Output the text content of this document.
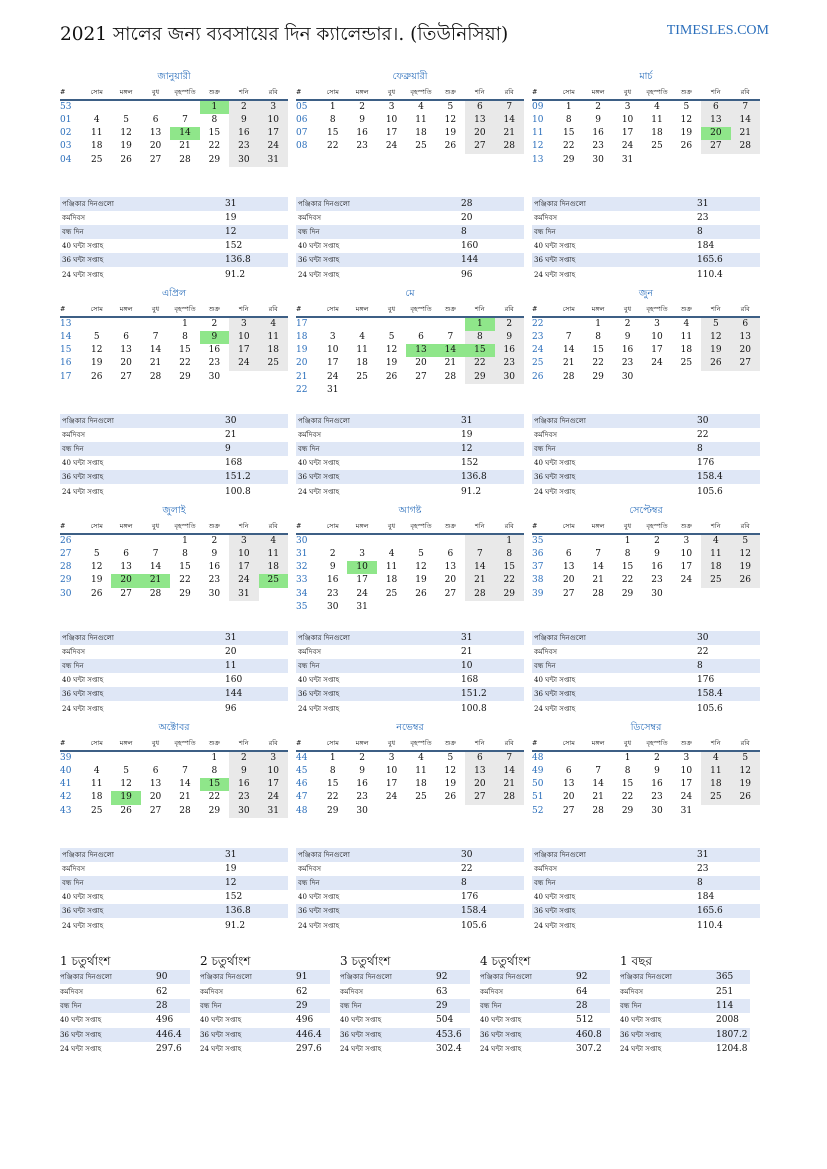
2021 সালের জন্য ব্যবসায়ের দিন ক্যালেন্ডার।. (তিউনিসিয়া)	TIMESLES.COM
জানুয়ারী
#	সোম	মঙ্গল	বুধ	বৃহস্পতি	শুক্র	শনি	রবি
53					1	2	3
01	4	5	6	7	8	9	10
02	11	12	13	14	15	16	17
03	18	19	20	21	22	23	24
04	25	26	27	28	29	30	31
পঞ্জিকার দিনগুলো	31
কর্মদিবস	19
বন্ধ দিন	12
40 ঘন্টা সপ্তাহ	152
36 ঘন্টা সপ্তাহ	136.8
24 ঘন্টা সপ্তাহ	91.2
ফেব্রুয়ারী
#	সোম	মঙ্গল	বুধ	বৃহস্পতি	শুক্র	শনি	রবি
05	1	2	3	4	5	6	7
06	8	9	10	11	12	13	14
07	15	16	17	18	19	20	21
08	22	23	24	25	26	27	28
পঞ্জিকার দিনগুলো	28
কর্মদিবস	20
বন্ধ দিন	8
40 ঘন্টা সপ্তাহ	160
36 ঘন্টা সপ্তাহ	144
24 ঘন্টা সপ্তাহ	96
মার্চ
#	সোম	মঙ্গল	বুধ	বৃহস্পতি	শুক্র	শনি	রবি
09	1	2	3	4	5	6	7
10	8	9	10	11	12	13	14
11	15	16	17	18	19	20	21
12	22	23	24	25	26	27	28
13	29	30	31				
পঞ্জিকার দিনগুলো	31
কর্মদিবস	23
বন্ধ দিন	8
40 ঘন্টা সপ্তাহ	184
36 ঘন্টা সপ্তাহ	165.6
24 ঘন্টা সপ্তাহ	110.4
এপ্রিল
#	সোম	মঙ্গল	বুধ	বৃহস্পতি	শুক্র	শনি	রবি
13				1	2	3	4
14	5	6	7	8	9	10	11
15	12	13	14	15	16	17	18
16	19	20	21	22	23	24	25
17	26	27	28	29	30		
পঞ্জিকার দিনগুলো	30
কর্মদিবস	21
বন্ধ দিন	9
40 ঘন্টা সপ্তাহ	168
36 ঘন্টা সপ্তাহ	151.2
24 ঘন্টা সপ্তাহ	100.8
মে
#	সোম	মঙ্গল	বুধ	বৃহস্পতি	শুক্র	শনি	রবি
17						1	2
18	3	4	5	6	7	8	9
19	10	11	12	13	14	15	16
20	17	18	19	20	21	22	23
21	24	25	26	27	28	29	30
22	31						
পঞ্জিকার দিনগুলো	31
কর্মদিবস	19
বন্ধ দিন	12
40 ঘন্টা সপ্তাহ	152
36 ঘন্টা সপ্তাহ	136.8
24 ঘন্টা সপ্তাহ	91.2
জুন
#	সোম	মঙ্গল	বুধ	বৃহস্পতি	শুক্র	শনি	রবি
22		1	2	3	4	5	6
23	7	8	9	10	11	12	13
24	14	15	16	17	18	19	20
25	21	22	23	24	25	26	27
26	28	29	30				
পঞ্জিকার দিনগুলো	30
কর্মদিবস	22
বন্ধ দিন	8
40 ঘন্টা সপ্তাহ	176
36 ঘন্টা সপ্তাহ	158.4
24 ঘন্টা সপ্তাহ	105.6
জুলাই
#	সোম	মঙ্গল	বুধ	বৃহস্পতি	শুক্র	শনি	রবি
26				1	2	3	4
27	5	6	7	8	9	10	11
28	12	13	14	15	16	17	18
29	19	20	21	22	23	24	25
30	26	27	28	29	30	31	
পঞ্জিকার দিনগুলো	31
কর্মদিবস	20
বন্ধ দিন	11
40 ঘন্টা সপ্তাহ	160
36 ঘন্টা সপ্তাহ	144
24 ঘন্টা সপ্তাহ	96
আগষ্ট
#	সোম	মঙ্গল	বুধ	বৃহস্পতি	শুক্র	শনি	রবি
30							1
31	2	3	4	5	6	7	8
32	9	10	11	12	13	14	15
33	16	17	18	19	20	21	22
34	23	24	25	26	27	28	29
35	30	31					
পঞ্জিকার দিনগুলো	31
কর্মদিবস	21
বন্ধ দিন	10
40 ঘন্টা সপ্তাহ	168
36 ঘন্টা সপ্তাহ	151.2
24 ঘন্টা সপ্তাহ	100.8
সেপ্টেম্বর
#	সোম	মঙ্গল	বুধ	বৃহস্পতি	শুক্র	শনি	রবি
35			1	2	3	4	5
36	6	7	8	9	10	11	12
37	13	14	15	16	17	18	19
38	20	21	22	23	24	25	26
39	27	28	29	30			
পঞ্জিকার দিনগুলো	30
কর্মদিবস	22
বন্ধ দিন	8
40 ঘন্টা সপ্তাহ	176
36 ঘন্টা সপ্তাহ	158.4
24 ঘন্টা সপ্তাহ	105.6
অক্টোবর
#	সোম	মঙ্গল	বুধ	বৃহস্পতি	শুক্র	শনি	রবি
39					1	2	3
40	4	5	6	7	8	9	10
41	11	12	13	14	15	16	17
42	18	19	20	21	22	23	24
43	25	26	27	28	29	30	31
পঞ্জিকার দিনগুলো	31
কর্মদিবস	19
বন্ধ দিন	12
40 ঘন্টা সপ্তাহ	152
36 ঘন্টা সপ্তাহ	136.8
24 ঘন্টা সপ্তাহ	91.2
নভেম্বর
#	সোম	মঙ্গল	বুধ	বৃহস্পতি	শুক্র	শনি	রবি
44	1	2	3	4	5	6	7
45	8	9	10	11	12	13	14
46	15	16	17	18	19	20	21
47	22	23	24	25	26	27	28
48	29	30					
পঞ্জিকার দিনগুলো	30
কর্মদিবস	22
বন্ধ দিন	8
40 ঘন্টা সপ্তাহ	176
36 ঘন্টা সপ্তাহ	158.4
24 ঘন্টা সপ্তাহ	105.6
ডিসেম্বর
#	সোম	মঙ্গল	বুধ	বৃহস্পতি	শুক্র	শনি	রবি
48			1	2	3	4	5
49	6	7	8	9	10	11	12
50	13	14	15	16	17	18	19
51	20	21	22	23	24	25	26
52	27	28	29	30	31		
পঞ্জিকার দিনগুলো	31
কর্মদিবস	23
বন্ধ দিন	8
40 ঘন্টা সপ্তাহ	184
36 ঘন্টা সপ্তাহ	165.6
24 ঘন্টা সপ্তাহ	110.4
1 চতুর্থাংশ
পঞ্জিকার দিনগুলো	90
কর্মদিবস	62
বন্ধ দিন	28
40 ঘন্টা সপ্তাহ	496
36 ঘন্টা সপ্তাহ	446.4
24 ঘন্টা সপ্তাহ	297.6
2 চতুর্থাংশ
পঞ্জিকার দিনগুলো	91
কর্মদিবস	62
বন্ধ দিন	29
40 ঘন্টা সপ্তাহ	496
36 ঘন্টা সপ্তাহ	446.4
24 ঘন্টা সপ্তাহ	297.6
3 চতুর্থাংশ
পঞ্জিকার দিনগুলো	92
কর্মদিবস	63
বন্ধ দিন	29
40 ঘন্টা সপ্তাহ	504
36 ঘন্টা সপ্তাহ	453.6
24 ঘন্টা সপ্তাহ	302.4
4 চতুর্থাংশ
পঞ্জিকার দিনগুলো	92
কর্মদিবস	64
বন্ধ দিন	28
40 ঘন্টা সপ্তাহ	512
36 ঘন্টা সপ্তাহ	460.8
24 ঘন্টা সপ্তাহ	307.2
1 বছর
পঞ্জিকার দিনগুলো	365
কর্মদিবস	251
বন্ধ দিন	114
40 ঘন্টা সপ্তাহ	2008
36 ঘন্টা সপ্তাহ	1807.2
24 ঘন্টা সপ্তাহ	1204.8
